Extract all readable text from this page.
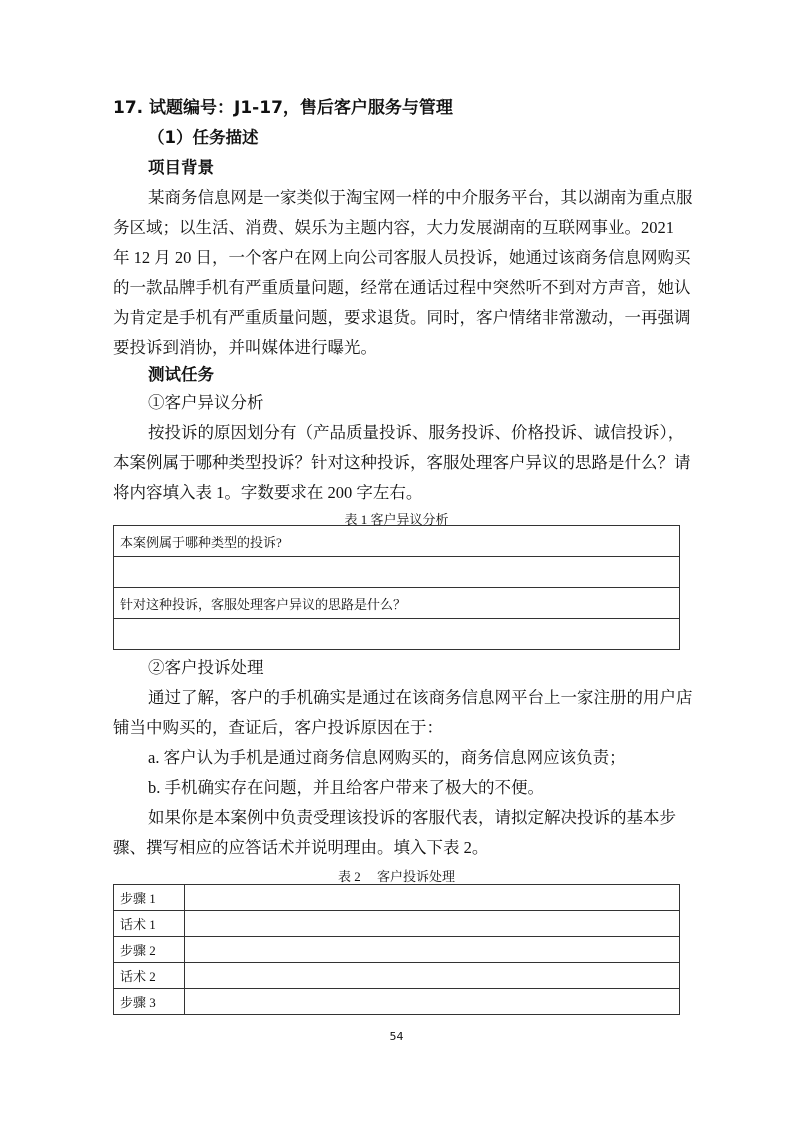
17. 试题编号：J1-17，售后客户服务与管理
（1）任务描述
项目背景
某商务信息网是一家类似于淘宝网一样的中介服务平台，其以湖南为重点服
务区域；以生活、消费、娱乐为主题内容，大力发展湖南的互联网事业。2021
年 12 月 20 日，一个客户在网上向公司客服人员投诉，她通过该商务信息网购买
的一款品牌手机有严重质量问题，经常在通话过程中突然听不到对方声音，她认
为肯定是手机有严重质量问题，要求退货。同时，客户情绪非常激动，一再强调
要投诉到消协，并叫媒体进行曝光。
测试任务
①客户异议分析
按投诉的原因划分有（产品质量投诉、服务投诉、价格投诉、诚信投诉），
本案例属于哪种类型投诉？针对这种投诉，客服处理客户异议的思路是什么？请
将内容填入表 1。字数要求在 200 字左右。
表 1 客户异议分析
本案例属于哪种类型的投诉?

针对这种投诉，客服处理客户异议的思路是什么？

②客户投诉处理
通过了解，客户的手机确实是通过在该商务信息网平台上一家注册的用户店
铺当中购买的，查证后，客户投诉原因在于：
a. 客户认为手机是通过商务信息网购买的，商务信息网应该负责；
b. 手机确实存在问题，并且给客户带来了极大的不便。
如果你是本案例中负责受理该投诉的客服代表，请拟定解决投诉的基本步
骤、撰写相应的应答话术并说明理由。填入下表 2。
表 2　 客户投诉处理
步骤 1	
话术 1	
步骤 2	
话术 2	
步骤 3	
54
